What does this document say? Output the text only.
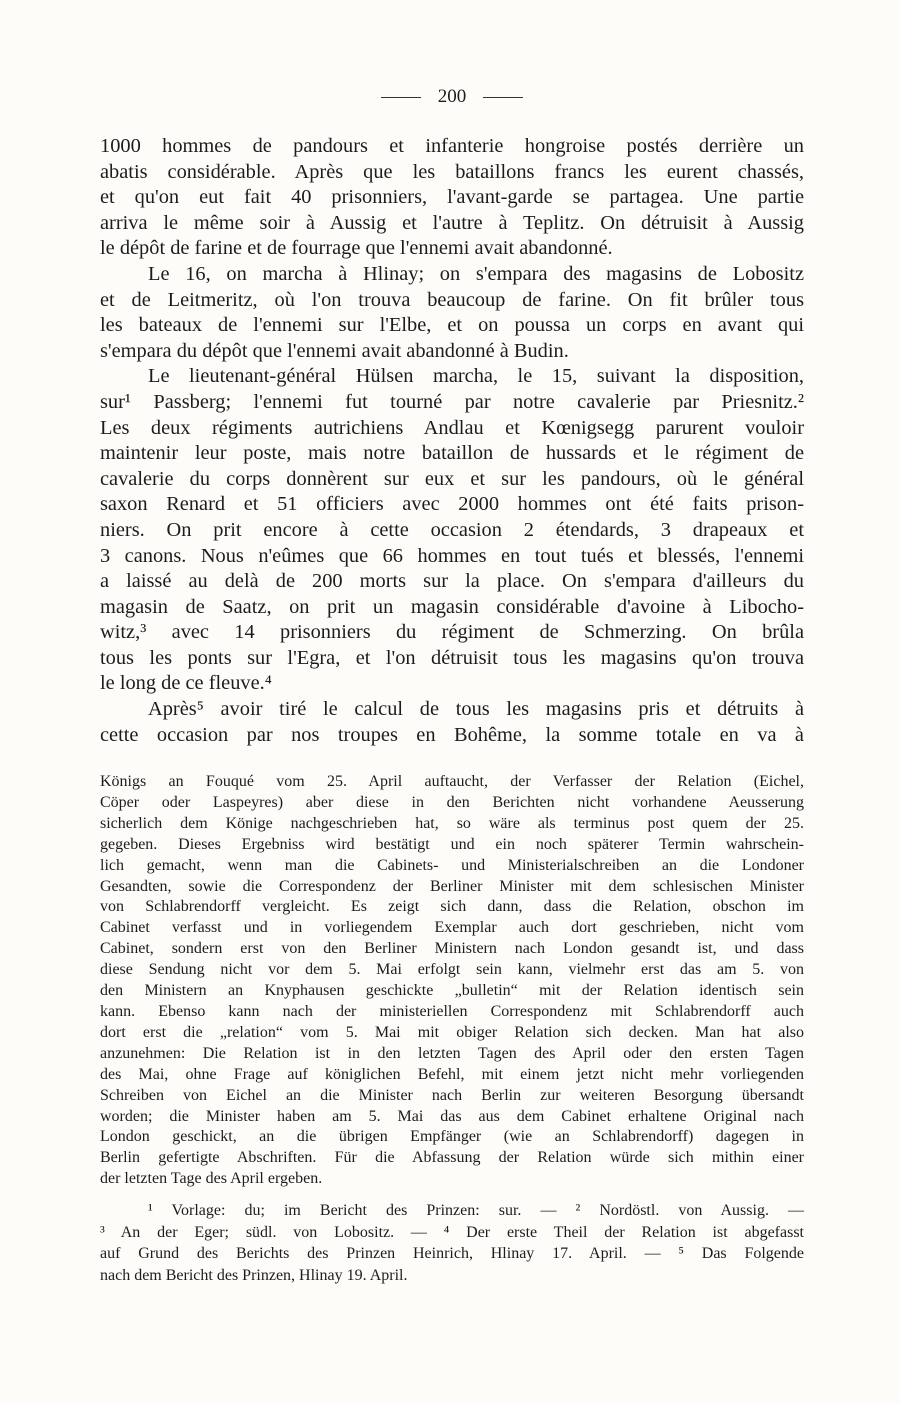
200

1000 hommes de pandours et infanterie hongroise postés derrière un
abatis considérable. Après que les bataillons francs les eurent chassés,
et qu'on eut fait 40 prisonniers, l'avant-garde se partagea. Une partie
arriva le même soir à Aussig et l'autre à Teplitz. On détruisit à Aussig
le dépôt de farine et de fourrage que l'ennemi avait abandonné.

Le 16, on marcha à Hlinay; on s'empara des magasins de Lobositz
et de Leitmeritz, où l'on trouva beaucoup de farine. On fit brûler tous
les bateaux de l'ennemi sur l'Elbe, et on poussa un corps en avant qui
s'empara du dépôt que l'ennemi avait abandonné à Budin.

Le lieutenant-général Hülsen marcha, le 15, suivant la disposition,
sur¹ Passberg; l'ennemi fut tourné par notre cavalerie par Priesnitz.²
Les deux régiments autrichiens Andlau et Kœnigsegg parurent vouloir
maintenir leur poste, mais notre bataillon de hussards et le régiment de
cavalerie du corps donnèrent sur eux et sur les pandours, où le général
saxon Renard et 51 officiers avec 2000 hommes ont été faits prison-
niers. On prit encore à cette occasion 2 étendards, 3 drapeaux et
3 canons. Nous n'eûmes que 66 hommes en tout tués et blessés, l'ennemi
a laissé au delà de 200 morts sur la place. On s'empara d'ailleurs du
magasin de Saatz, on prit un magasin considérable d'avoine à Libocho-
witz,³ avec 14 prisonniers du régiment de Schmerzing. On brûla
tous les ponts sur l'Egra, et l'on détruisit tous les magasins qu'on trouva
le long de ce fleuve.⁴

Après⁵ avoir tiré le calcul de tous les magasins pris et détruits à
cette occasion par nos troupes en Bohême, la somme totale en va à

Königs an Fouqué vom 25. April auftaucht, der Verfasser der Relation (Eichel,
Cöper oder Laspeyres) aber diese in den Berichten nicht vorhandene Aeusserung
sicherlich dem Könige nachgeschrieben hat, so wäre als terminus post quem der 25.
gegeben. Dieses Ergebniss wird bestätigt und ein noch späterer Termin wahrschein-
lich gemacht, wenn man die Cabinets- und Ministerialschreiben an die Londoner
Gesandten, sowie die Correspondenz der Berliner Minister mit dem schlesischen Minister
von Schlabrendorff vergleicht. Es zeigt sich dann, dass die Relation, obschon im
Cabinet verfasst und in vorliegendem Exemplar auch dort geschrieben, nicht vom
Cabinet, sondern erst von den Berliner Ministern nach London gesandt ist, und dass
diese Sendung nicht vor dem 5. Mai erfolgt sein kann, vielmehr erst das am 5. von
den Ministern an Knyphausen geschickte „bulletin“ mit der Relation identisch sein
kann. Ebenso kann nach der ministeriellen Correspondenz mit Schlabrendorff auch
dort erst die „relation“ vom 5. Mai mit obiger Relation sich decken. Man hat also
anzunehmen: Die Relation ist in den letzten Tagen des April oder den ersten Tagen
des Mai, ohne Frage auf königlichen Befehl, mit einem jetzt nicht mehr vorliegenden
Schreiben von Eichel an die Minister nach Berlin zur weiteren Besorgung übersandt
worden; die Minister haben am 5. Mai das aus dem Cabinet erhaltene Original nach
London geschickt, an die übrigen Empfänger (wie an Schlabrendorff) dagegen in
Berlin gefertigte Abschriften. Für die Abfassung der Relation würde sich mithin einer
der letzten Tage des April ergeben.
¹ Vorlage: du; im Bericht des Prinzen: sur. — ² Nordöstl. von Aussig. —
³ An der Eger; südl. von Lobositz. — ⁴ Der erste Theil der Relation ist abgefasst
auf Grund des Berichts des Prinzen Heinrich, Hlinay 17. April. — ⁵ Das Folgende
nach dem Bericht des Prinzen, Hlinay 19. April.
